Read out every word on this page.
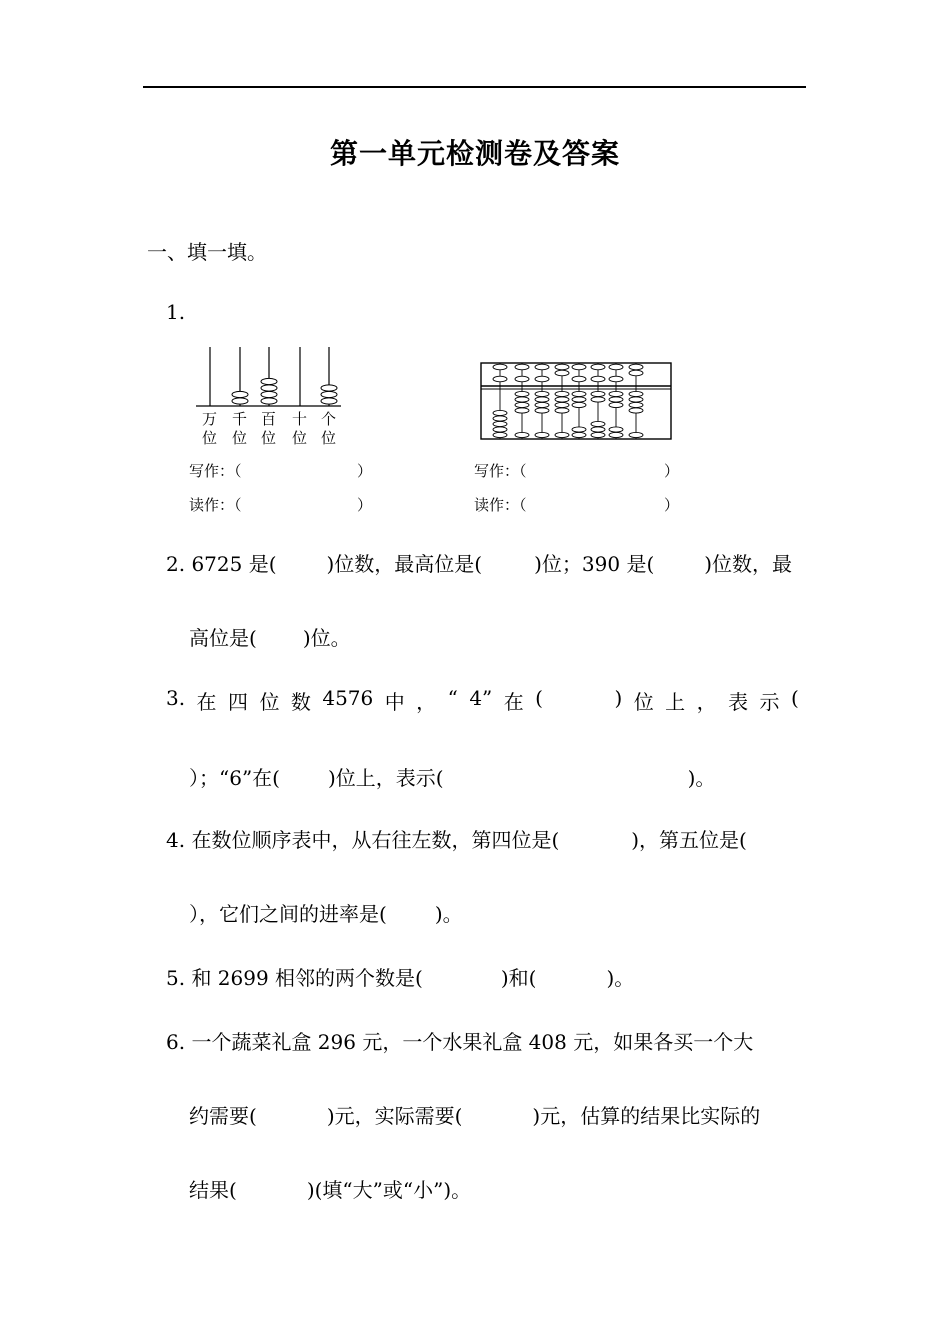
第一单元检测卷及答案
一、填一填。
1.
万
位
千
位
百
位
十
位
个
位
写作：（	）
读作：（	）
写作：（	）
读作：（	）
2. 6725 是(	)位数，最高位是(	)位；390 是(	)位数，最
高位是( )位。
3. 在 四 位 数 4576 中 ， “ 4” 在 (	) 位 上 ， 表 示 (
）；“6”在( )位上，表示(	)。
4. 在数位顺序表中，从右往左数，第四位是(	)，第五位是(
），它们之间的进率是( )。
5. 和 2699 相邻的两个数是(	)和(	)。
6. 一个蔬菜礼盒 296 元，一个水果礼盒 408 元，如果各买一个大
约需要(	)元，实际需要(	)元，估算的结果比实际的
结果(	)(填“大”或“小”)。
